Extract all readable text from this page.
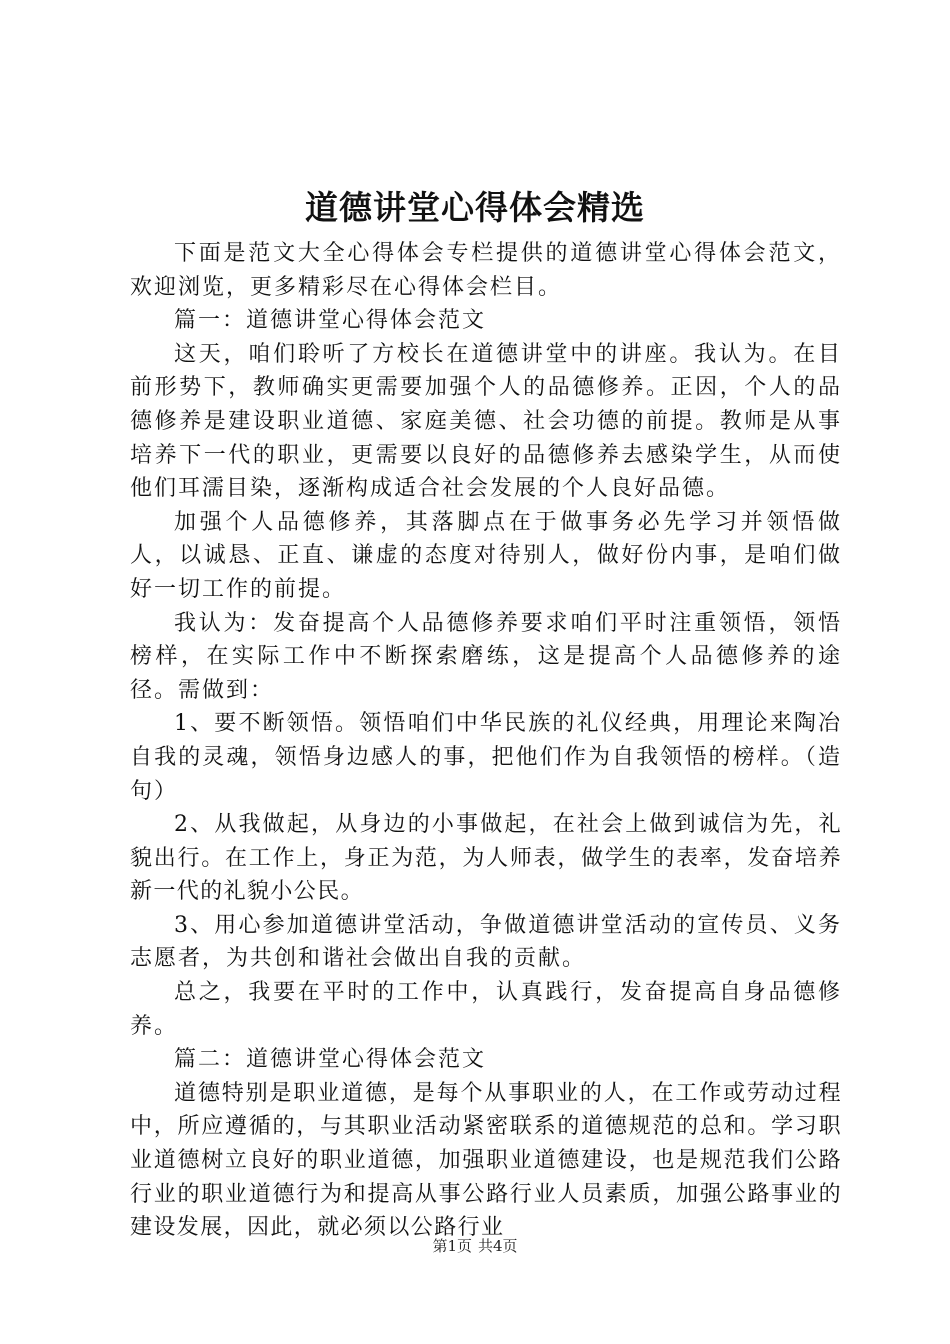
道德讲堂心得体会精选

下面是范文大全心得体会专栏提供的道德讲堂心得体会范文，欢迎浏览，更多精彩尽在心得体会栏目。

篇一：道德讲堂心得体会范文

这天，咱们聆听了方校长在道德讲堂中的讲座。我认为。在目前形势下，教师确实更需要加强个人的品德修养。正因，个人的品德修养是建设职业道德、家庭美德、社会功德的前提。教师是从事培养下一代的职业，更需要以良好的品德修养去感染学生，从而使他们耳濡目染，逐渐构成适合社会发展的个人良好品德。

加强个人品德修养，其落脚点在于做事务必先学习并领悟做人，以诚恳、正直、谦虚的态度对待别人，做好份内事，是咱们做好一切工作的前提。

我认为：发奋提高个人品德修养要求咱们平时注重领悟，领悟榜样，在实际工作中不断探索磨练，这是提高个人品德修养的途径。需做到：

1、要不断领悟。领悟咱们中华民族的礼仪经典，用理论来陶冶自我的灵魂，领悟身边感人的事，把他们作为自我领悟的榜样。（造句）

2、从我做起，从身边的小事做起，在社会上做到诚信为先，礼貌出行。在工作上，身正为范，为人师表，做学生的表率，发奋培养新一代的礼貌小公民。

3、用心参加道德讲堂活动，争做道德讲堂活动的宣传员、义务志愿者，为共创和谐社会做出自我的贡献。

总之，我要在平时的工作中，认真践行，发奋提高自身品德修养。

篇二：道德讲堂心得体会范文

道德特别是职业道德，是每个从事职业的人，在工作或劳动过程中，所应遵循的，与其职业活动紧密联系的道德规范的总和。学习职业道德树立良好的职业道德，加强职业道德建设，也是规范我们公路行业的职业道德行为和提高从事公路行业人员素质，加强公路事业的建设发展，因此，就必须以公路行业

第1页 共4页
